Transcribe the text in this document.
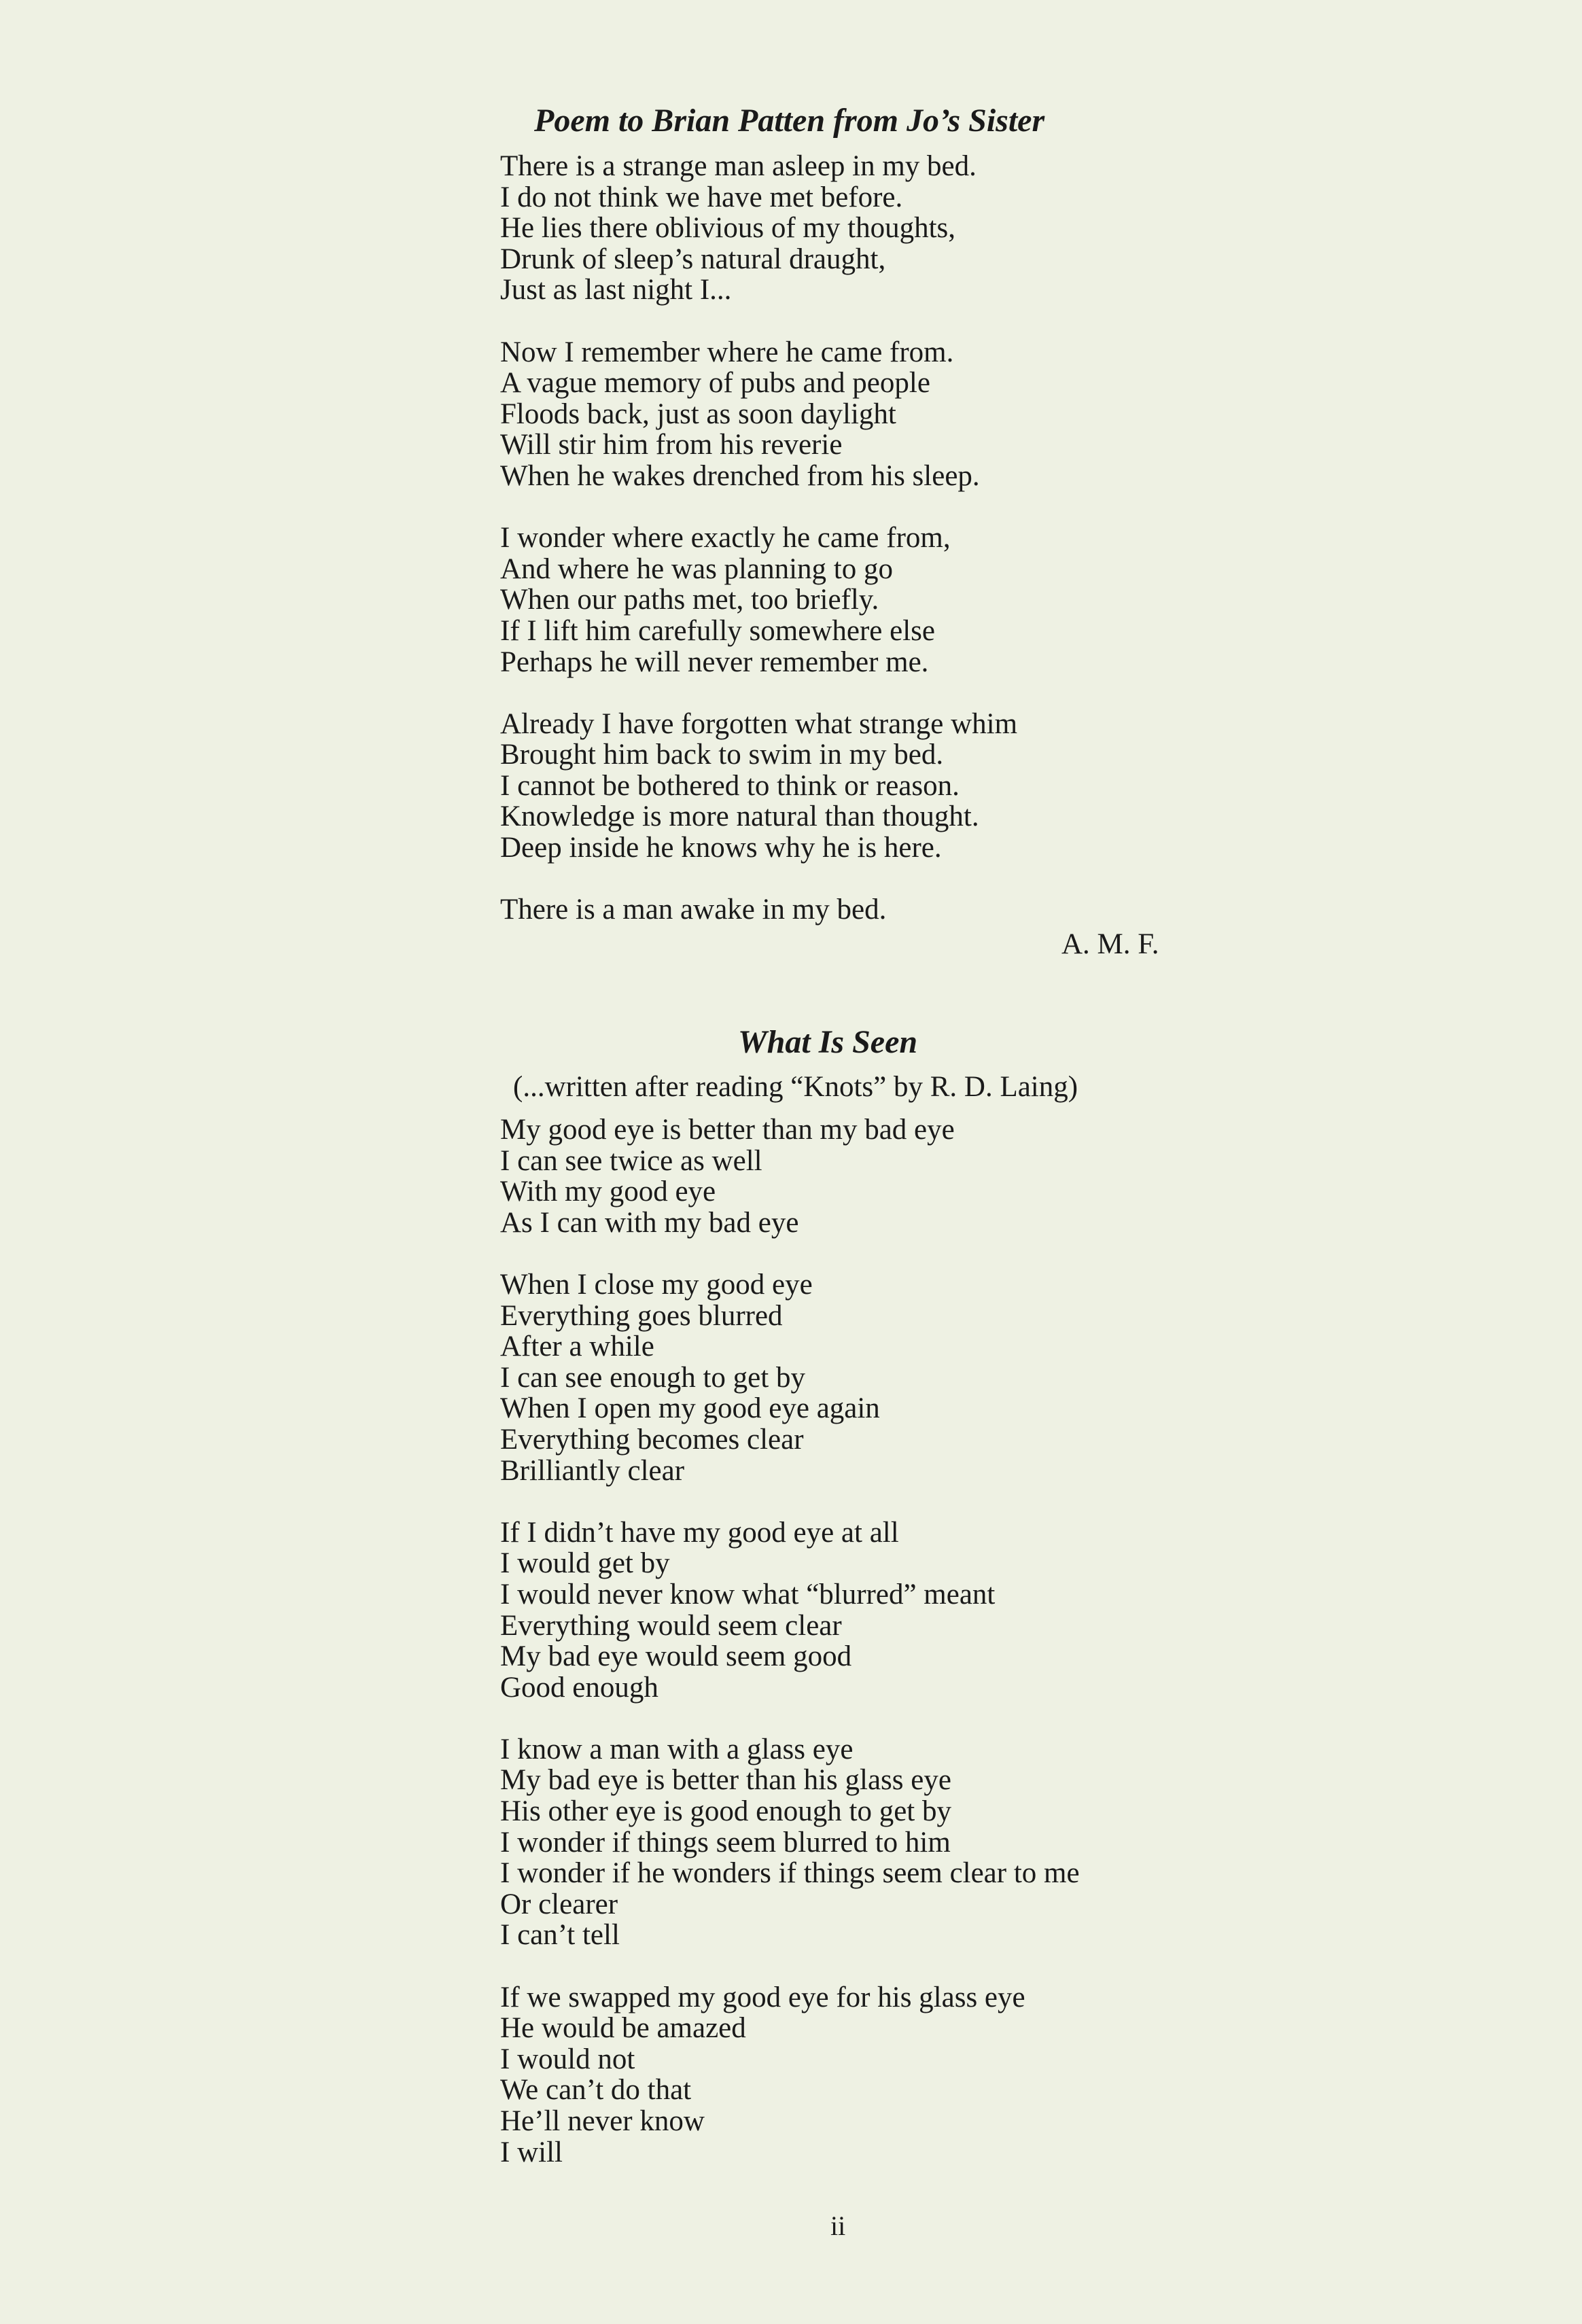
Poem to Brian Patten from Jo’s Sister
There is a strange man asleep in my bed.
I do not think we have met before.
He lies there oblivious of my thoughts,
Drunk of sleep’s natural draught,
Just as last night I...
Now I remember where he came from.
A vague memory of pubs and people
Floods back, just as soon daylight
Will stir him from his reverie
When he wakes drenched from his sleep.
I wonder where exactly he came from,
And where he was planning to go
When our paths met, too briefly.
If I lift him carefully somewhere else
Perhaps he will never remember me.
Already I have forgotten what strange whim
Brought him back to swim in my bed.
I cannot be bothered to think or reason.
Knowledge is more natural than thought.
Deep inside he knows why he is here.
There is a man awake in my bed.

A. M. F.

What Is Seen

(...written after reading “Knots” by R. D. Laing)

My good eye is better than my bad eye
I can see twice as well
With my good eye
As I can with my bad eye
When I close my good eye
Everything goes blurred
After a while
I can see enough to get by
When I open my good eye again
Everything becomes clear
Brilliantly clear
If I didn’t have my good eye at all
I would get by
I would never know what “blurred” meant
Everything would seem clear
My bad eye would seem good
Good enough
I know a man with a glass eye
My bad eye is better than his glass eye
His other eye is good enough to get by
I wonder if things seem blurred to him
I wonder if he wonders if things seem clear to me
Or clearer
I can’t tell
If we swapped my good eye for his glass eye
He would be amazed
I would not
We can’t do that
He’ll never know
I will

ii
